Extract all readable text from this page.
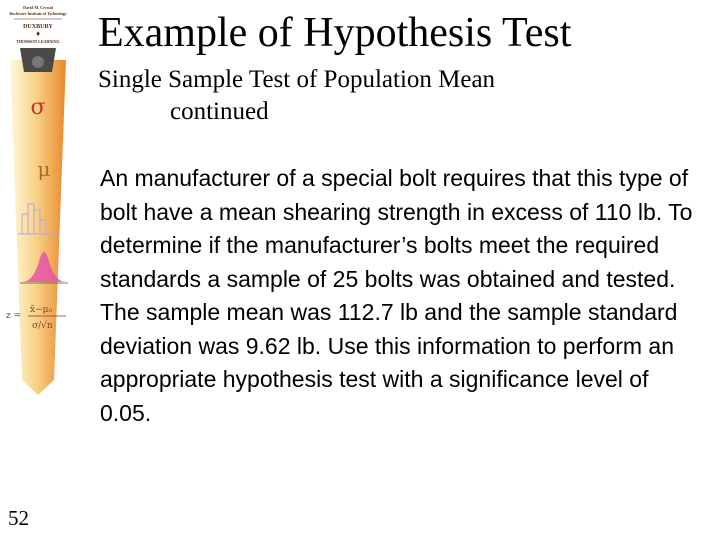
David M. Crystal
Rochester Institute of Technology
DUXBURY
♦
THOMSON LEARNING
σ
μ
z =
x̄−μ₀
σ/√n
Example of Hypothesis Test
Single Sample Test of Population Mean
continued
An manufacturer of a special bolt requires that this type of bolt have a mean shearing strength in excess of 110 lb. To determine if the manufacturer’s bolts meet the required standards a sample of 25 bolts was obtained and tested. The sample mean was 112.7 lb and the sample standard deviation was 9.62 lb. Use this information to perform an appropriate hypothesis test with a significance level of 0.05.
52
